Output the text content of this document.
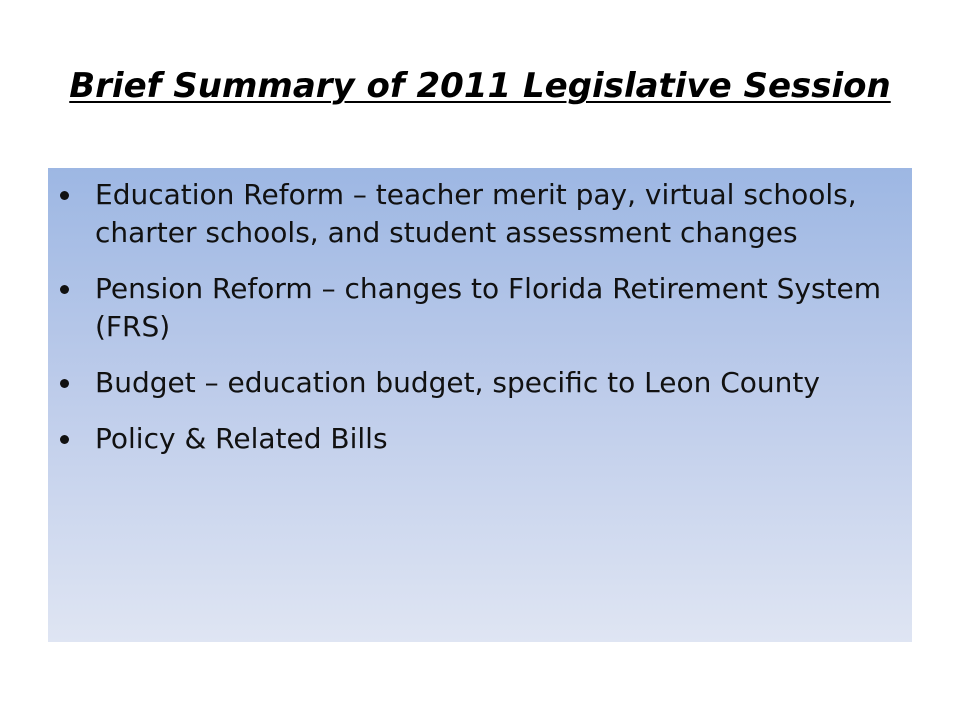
Brief Summary of 2011 Legislative Session
Education Reform – teacher merit pay, virtual schools, charter schools, and student assessment changes
Pension Reform – changes to Florida Retirement System (FRS)
Budget – education budget, specific to Leon County
Policy & Related Bills
